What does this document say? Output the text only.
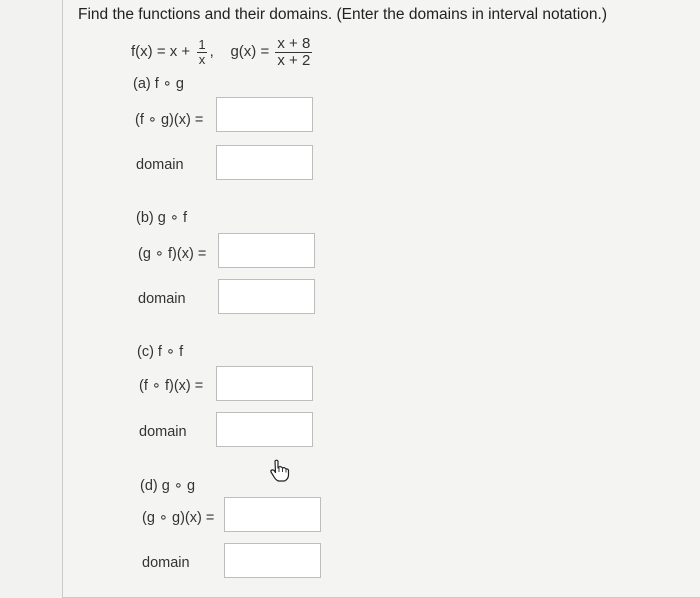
Find the functions and their domains. (Enter the domains in interval notation.)
$f(x) = x + \frac{1}{x}$ , $g(x) = \frac{x + 8}{x + 2}$
(a) f ∘ g
(f ∘ g)(x) =
domain
(b) g ∘ f
(g ∘ f)(x) =
domain
(c) f ∘ f
(f ∘ f)(x) =
domain
(d) g ∘ g
(g ∘ g)(x) =
domain
